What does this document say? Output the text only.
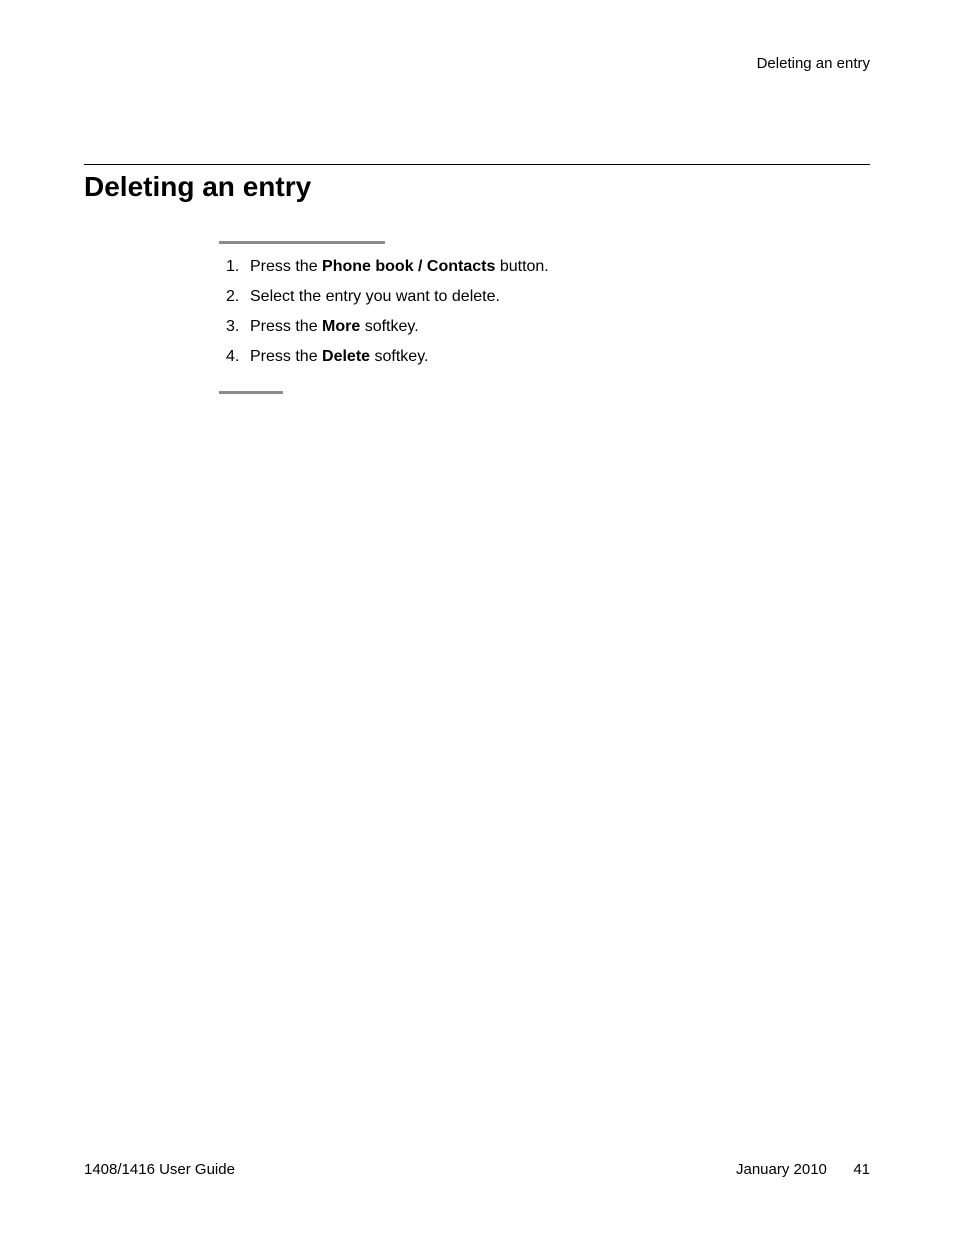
Deleting an entry
Deleting an entry
1. Press the Phone book / Contacts button.
2. Select the entry you want to delete.
3. Press the More softkey.
4. Press the Delete softkey.
1408/1416 User Guide	January 2010 41
